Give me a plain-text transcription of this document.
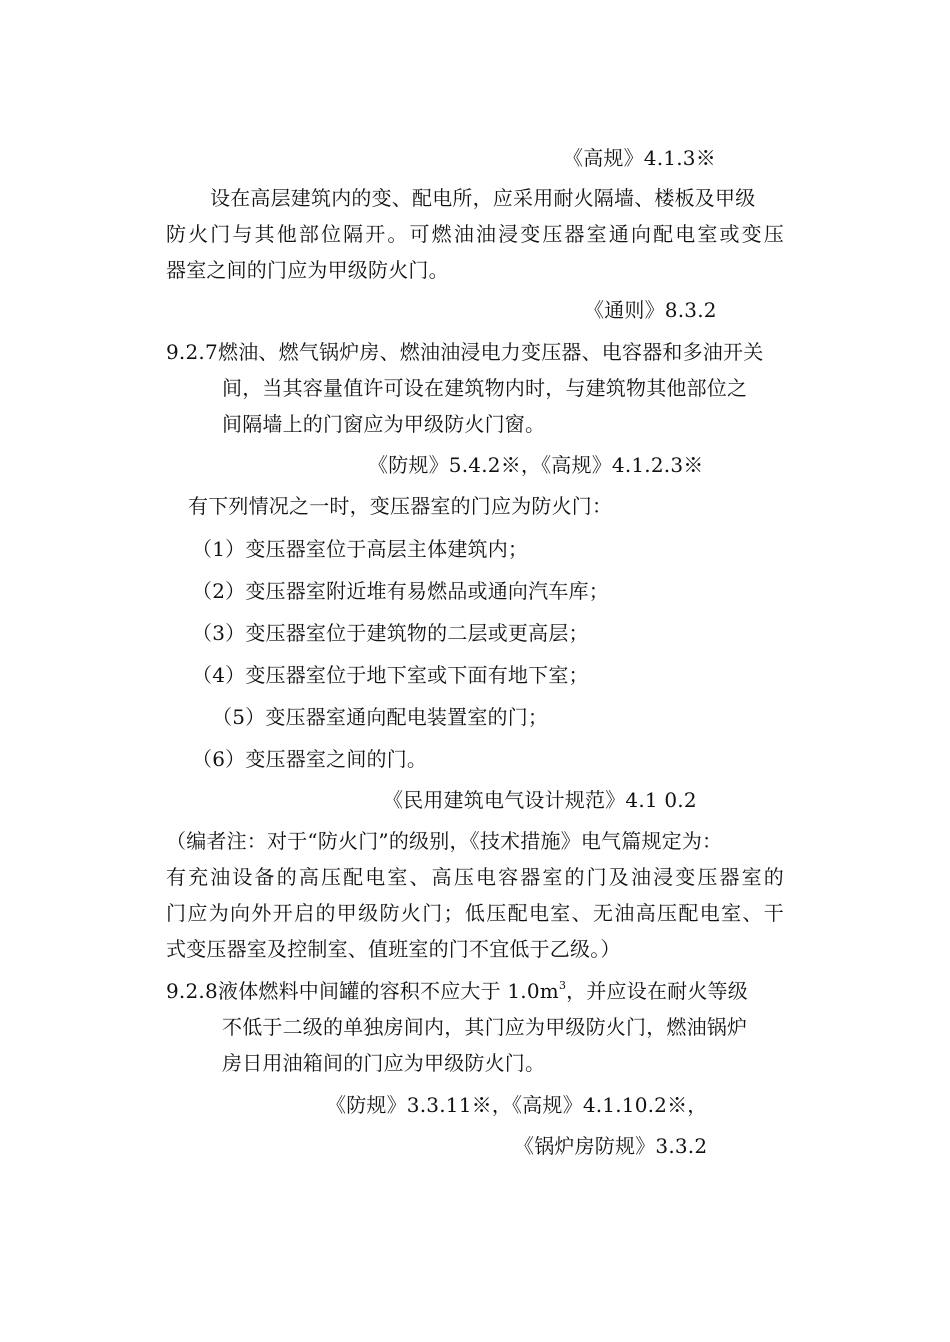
《高规》4.1.3※
设在高层建筑内的变、配电所，应采用耐火隔墙、楼板及甲级
防火门与其他部位隔开。可燃油油浸变压器室通向配电室或变压
器室之间的门应为甲级防火门。
《通则》8.3.2
9.2.7 燃油、燃气锅炉房、燃油油浸电力变压器、电容器和多油开关
间，当其容量值许可设在建筑物内时，与建筑物其他部位之
间隔墙上的门窗应为甲级防火门窗。
《防规》5.4.2※，《高规》4.1.2.3※
有下列情况之一时，变压器室的门应为防火门：
（1）变压器室位于高层主体建筑内；
（2）变压器室附近堆有易燃品或通向汽车库；
（3）变压器室位于建筑物的二层或更高层；
（4）变压器室位于地下室或下面有地下室；
（5）变压器室通向配电装置室的门；
（6）变压器室之间的门。
《民用建筑电气设计规范》4.1 0.2
（编者注：对于“防火门”的级别，《技术措施》电气篇规定为：
有充油设备的高压配电室、高压电容器室的门及油浸变压器室的
门应为向外开启的甲级防火门；低压配电室、无油高压配电室、干
式变压器室及控制室、值班室的门不宜低于乙级。）
9.2.8 液体燃料中间罐的容积不应大于 $1.0m^3$，并应设在耐火等级
不低于二级的单独房间内，其门应为甲级防火门，燃油锅炉
房日用油箱间的门应为甲级防火门。
《防规》3.3.11※，《高规》4.1.10.2※，
《锅炉房防规》3.3.2
